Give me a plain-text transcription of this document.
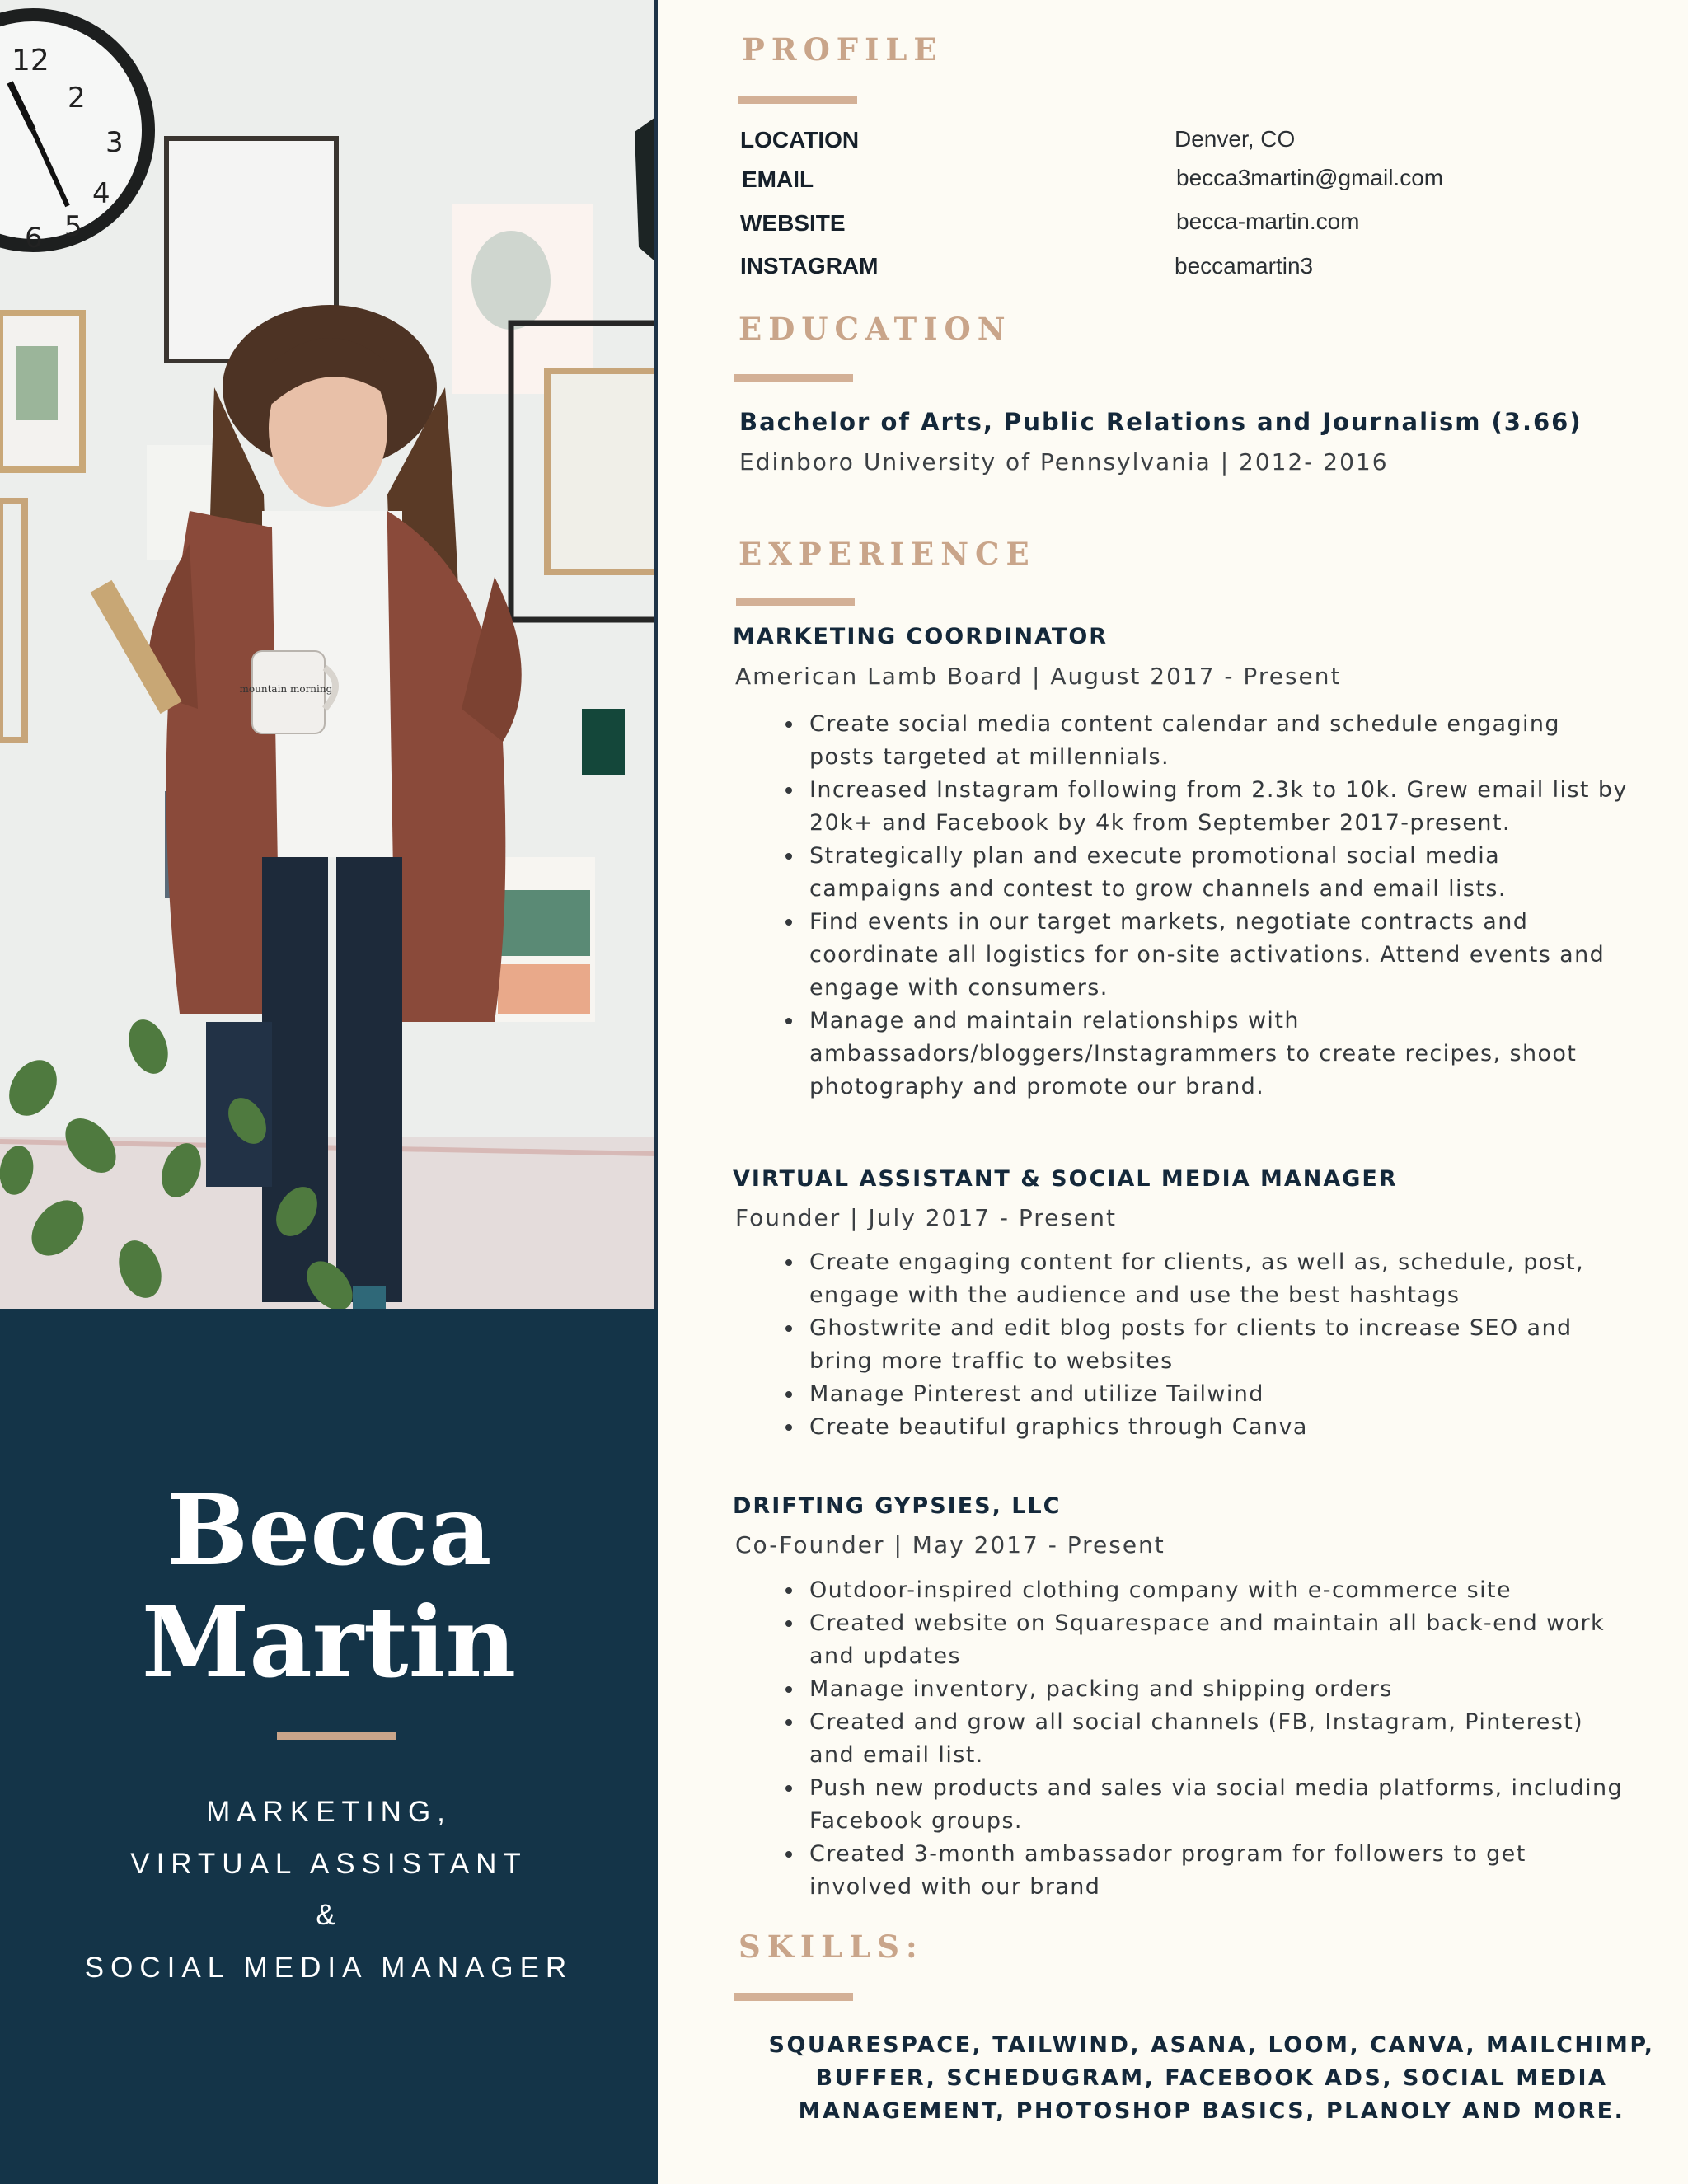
12
2
3
4
5
6
mountain mornings
Becca
Martin
MARKETING,
VIRTUAL ASSISTANT
&
SOCIAL MEDIA MANAGER
PROFILE
LOCATION	Denver, CO
EMAIL	becca3martin@gmail.com
WEBSITE	becca-martin.com
INSTAGRAM	beccamartin3
EDUCATION
Bachelor of Arts, Public Relations and Journalism (3.66)
Edinboro University of Pennsylvania | 2012- 2016
EXPERIENCE
MARKETING COORDINATOR
American Lamb Board | August 2017 - Present
• Create social media content calendar and schedule engaging posts targeted at millennials.
• Increased Instagram following from 2.3k to 10k. Grew email list by 20k+ and Facebook by 4k from September 2017-present.
• Strategically plan and execute promotional social media campaigns and contest to grow channels and email lists.
• Find events in our target markets, negotiate contracts and coordinate all logistics for on-site activations. Attend events and engage with consumers.
• Manage and maintain relationships with ambassadors/bloggers/Instagrammers to create recipes, shoot photography and promote our brand.
VIRTUAL ASSISTANT & SOCIAL MEDIA MANAGER
Founder | July 2017 - Present
• Create engaging content for clients, as well as, schedule, post, engage with the audience and use the best hashtags
• Ghostwrite and edit blog posts for clients to increase SEO and bring more traffic to websites
• Manage Pinterest and utilize Tailwind
• Create beautiful graphics through Canva
DRIFTING GYPSIES, LLC
Co-Founder | May 2017 - Present
• Outdoor-inspired clothing company with e-commerce site
• Created website on Squarespace and maintain all back-end work and updates
• Manage inventory, packing and shipping orders
• Created and grow all social channels (FB, Instagram, Pinterest) and email list.
• Push new products and sales via social media platforms, including Facebook groups.
• Created 3-month ambassador program for followers to get involved with our brand
SKILLS:
SQUARESPACE, TAILWIND, ASANA, LOOM, CANVA, MAILCHIMP, BUFFER, SCHEDUGRAM, FACEBOOK ADS, SOCIAL MEDIA MANAGEMENT, PHOTOSHOP BASICS, PLANOLY AND MORE.
